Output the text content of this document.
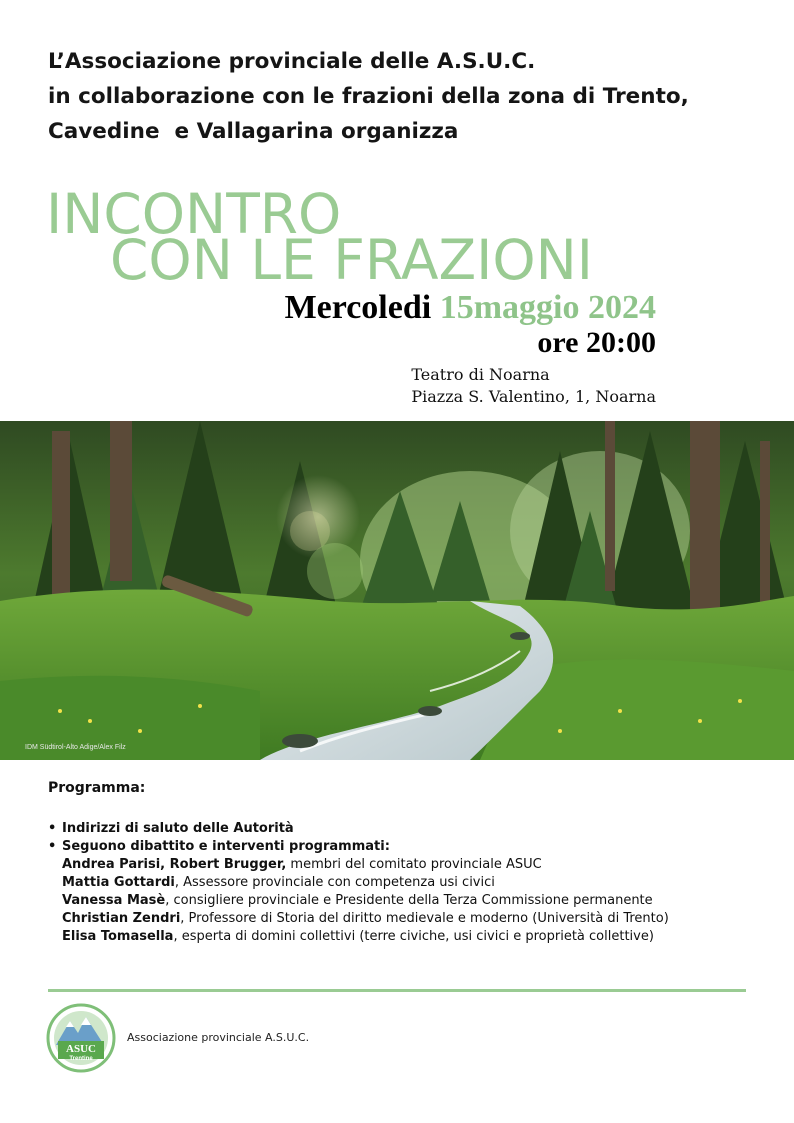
L’Associazione provinciale delle A.S.U.C.
in collaborazione con le frazioni della zona di Trento,
Cavedine  e Vallagarina organizza
INCONTRO
CON LE FRAZIONI
Mercoledi 15maggio 2024
ore 20:00
Teatro di Noarna
Piazza S. Valentino, 1, Noarna
IDM Südtirol-Alto Adige/Alex Filz
Programma:
• Indirizzi di saluto delle Autorità
• Seguono dibattito e interventi programmati:
Andrea Parisi, Robert Brugger, membri del comitato provinciale ASUC
Mattia Gottardi, Assessore provinciale con competenza usi civici
Vanessa Masè, consigliere provinciale e Presidente della Terza Commissione permanente
Christian Zendri, Professore di Storia del diritto medievale e moderno (Università di Trento)
Elisa Tomasella, esperta di domini collettivi (terre civiche, usi civici e proprietà collettive)
ASUC
Trentine
Associazione provinciale A.S.U.C.
